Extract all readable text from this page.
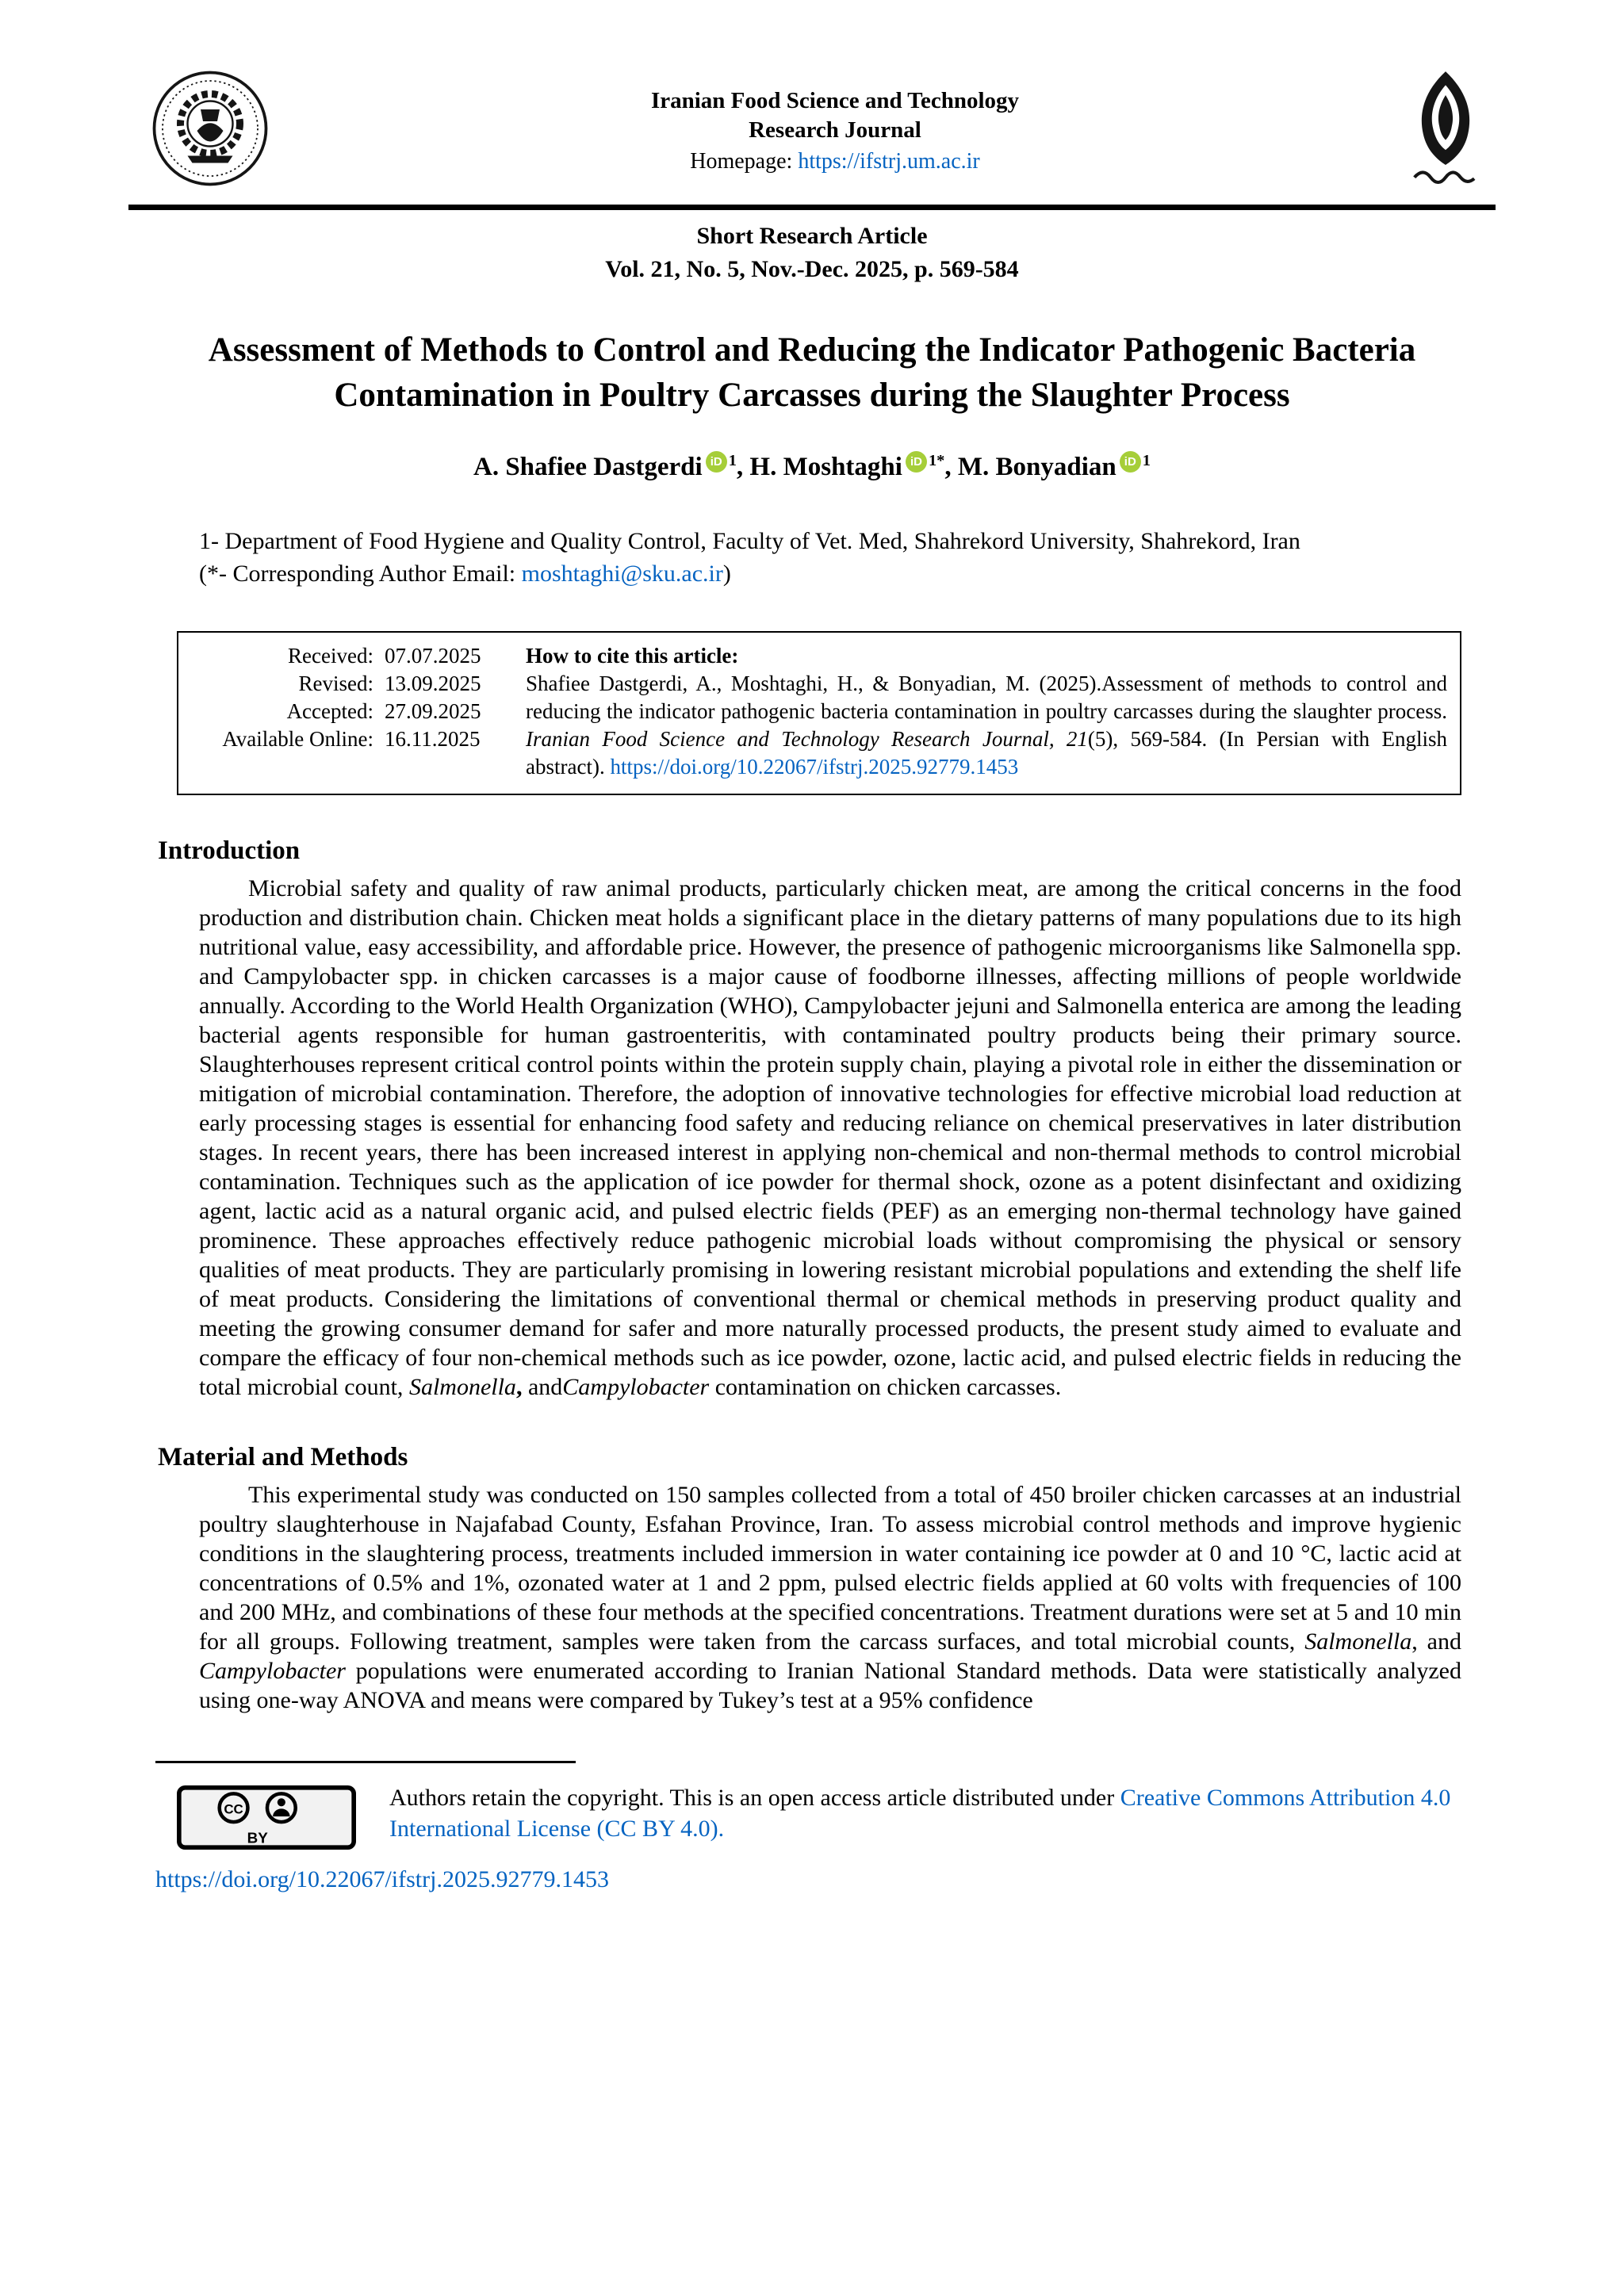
Iranian Food Science and Technology
Research Journal
Homepage: https://ifstrj.um.ac.ir
Short Research Article
Vol. 21, No. 5, Nov.-Dec. 2025, p. 569-584
Assessment of Methods to Control and Reducing the Indicator Pathogenic Bacteria Contamination in Poultry Carcasses during the Slaughter Process
A. Shafiee Dastgerdi iD $^1$, H. Moshtaghi iD $^{1*}$, M. Bonyadian iD $^1$
1- Department of Food Hygiene and Quality Control, Faculty of Vet. Med, Shahrekord University, Shahrekord, Iran
(*- Corresponding Author Email: moshtaghi@sku.ac.ir)
Received: 07.07.2025
Revised: 13.09.2025
Accepted: 27.09.2025
Available Online: 16.11.2025
How to cite this article:
Shafiee Dastgerdi, A., Moshtaghi, H., & Bonyadian, M. (2025).Assessment of methods to control and reducing the indicator pathogenic bacteria contamination in poultry carcasses during the slaughter process. Iranian Food Science and Technology Research Journal, 21(5), 569-584. (In Persian with English abstract). https://doi.org/10.22067/ifstrj.2025.92779.1453
Introduction

Microbial safety and quality of raw animal products, particularly chicken meat, are among the critical concerns in the food production and distribution chain. Chicken meat holds a significant place in the dietary patterns of many populations due to its high nutritional value, easy accessibility, and affordable price. However, the presence of pathogenic microorganisms like Salmonella spp. and Campylobacter spp. in chicken carcasses is a major cause of foodborne illnesses, affecting millions of people worldwide annually. According to the World Health Organization (WHO), Campylobacter jejuni and Salmonella enterica are among the leading bacterial agents responsible for human gastroenteritis, with contaminated poultry products being their primary source. Slaughterhouses represent critical control points within the protein supply chain, playing a pivotal role in either the dissemination or mitigation of microbial contamination. Therefore, the adoption of innovative technologies for effective microbial load reduction at early processing stages is essential for enhancing food safety and reducing reliance on chemical preservatives in later distribution stages. In recent years, there has been increased interest in applying non-chemical and non-thermal methods to control microbial contamination. Techniques such as the application of ice powder for thermal shock, ozone as a potent disinfectant and oxidizing agent, lactic acid as a natural organic acid, and pulsed electric fields (PEF) as an emerging non-thermal technology have gained prominence. These approaches effectively reduce pathogenic microbial loads without compromising the physical or sensory qualities of meat products. They are particularly promising in lowering resistant microbial populations and extending the shelf life of meat products. Considering the limitations of conventional thermal or chemical methods in preserving product quality and meeting the growing consumer demand for safer and more naturally processed products, the present study aimed to evaluate and compare the efficacy of four non-chemical methods such as ice powder, ozone, lactic acid, and pulsed electric fields in reducing the total microbial count, Salmonella, andCampylobacter contamination on chicken carcasses.

Material and Methods

This experimental study was conducted on 150 samples collected from a total of 450 broiler chicken carcasses at an industrial poultry slaughterhouse in Najafabad County, Esfahan Province, Iran. To assess microbial control methods and improve hygienic conditions in the slaughtering process, treatments included immersion in water containing ice powder at 0 and 10 °C, lactic acid at concentrations of 0.5% and 1%, ozonated water at 1 and 2 ppm, pulsed electric fields applied at 60 volts with frequencies of 100 and 200 MHz, and combinations of these four methods at the specified concentrations. Treatment durations were set at 5 and 10 min for all groups. Following treatment, samples were taken from the carcass surfaces, and total microbial counts, Salmonella, and Campylobacter populations were enumerated according to Iranian National Standard methods. Data were statistically analyzed using one-way ANOVA and means were compared by Tukey’s test at a 95% confidence

CC
BY
Authors retain the copyright. This is an open access article distributed under Creative Commons Attribution 4.0 International License (CC BY 4.0).
https://doi.org/10.22067/ifstrj.2025.92779.1453
